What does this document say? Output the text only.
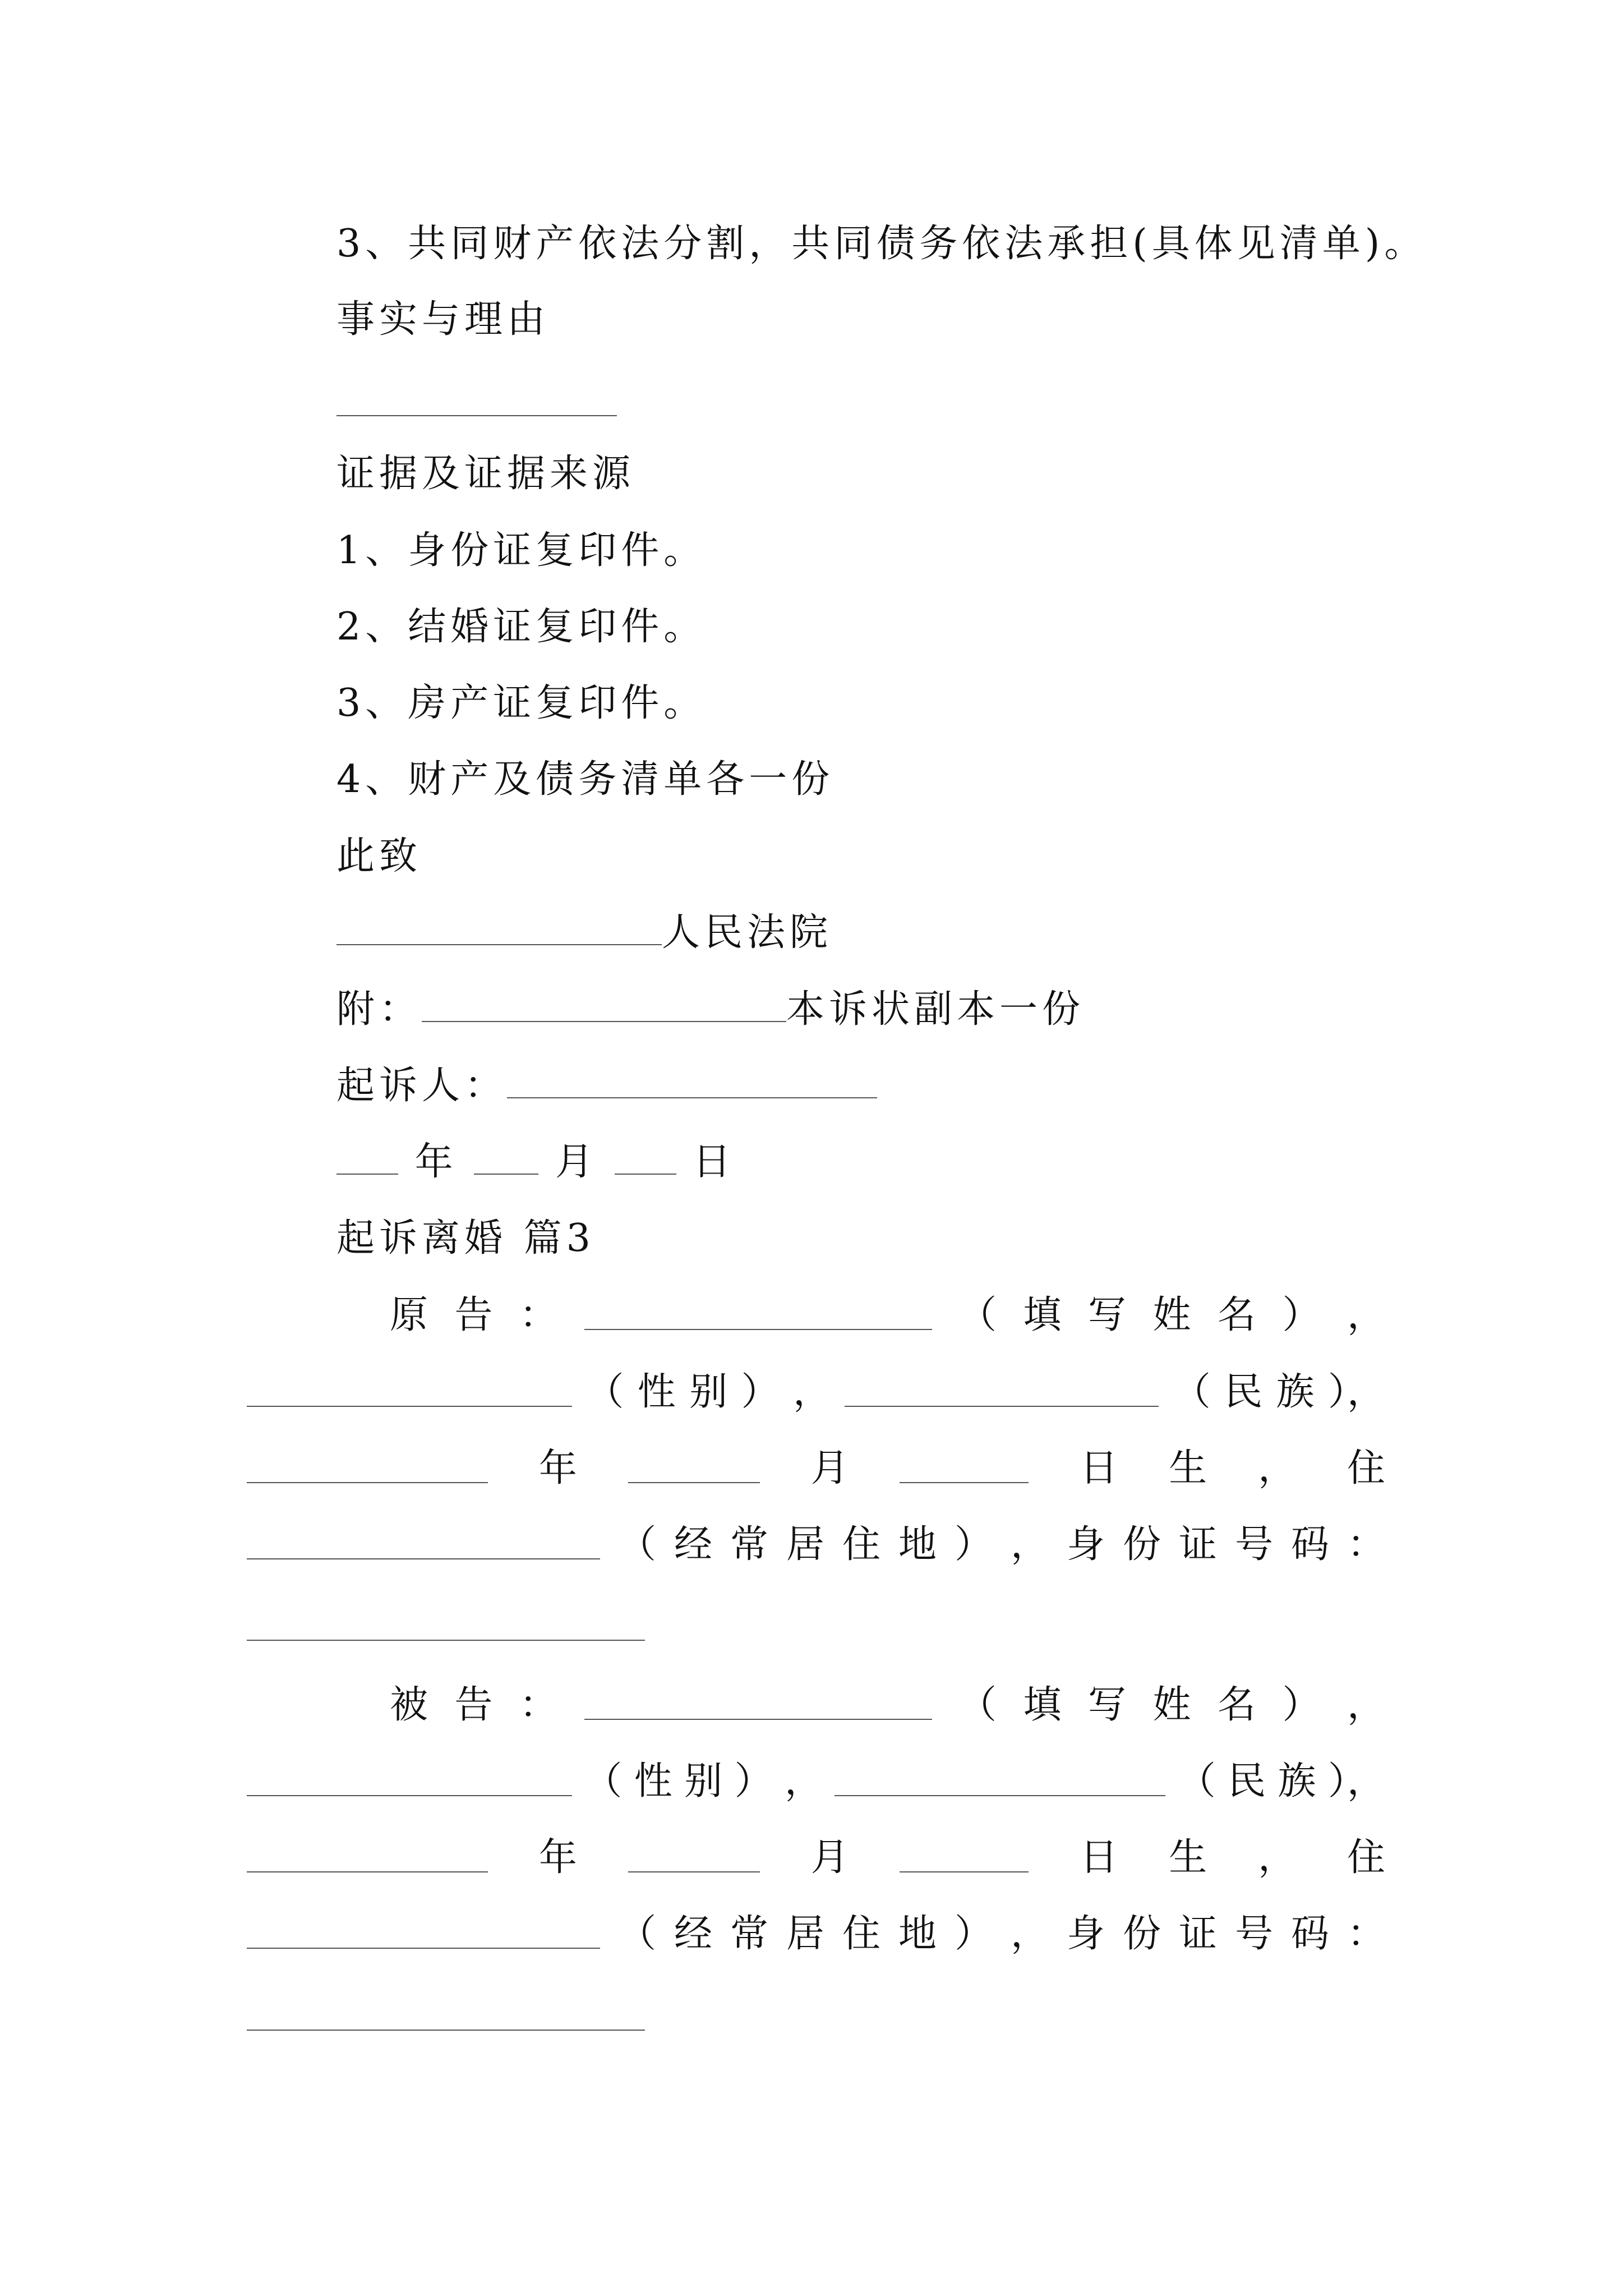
3、共同财产依法分割，共同债务依法承担(具体见清单)。
事实与理由
证据及证据来源
1、身份证复印件。
2、结婚证复印件。
3、房产证复印件。
4、财产及债务清单各一份
此致
人民法院
附：	本诉状副本一份
起诉人：
年	月 日
起诉离婚 篇3
原 告 ：	（ 填 写 姓 名 ） ，
（ 性 别 ） ，	（ 民 族 ），
年	月	日 生 ， 住
（ 经 常 居 住 地 ） ， 身 份 证 号 码 ：
被 告 ：	（ 填 写 姓 名 ） ，
（ 性 别 ） ，	（ 民 族 ），
年	月	日 生 ， 住
（ 经 常 居 住 地 ） ， 身 份 证 号 码 ：
